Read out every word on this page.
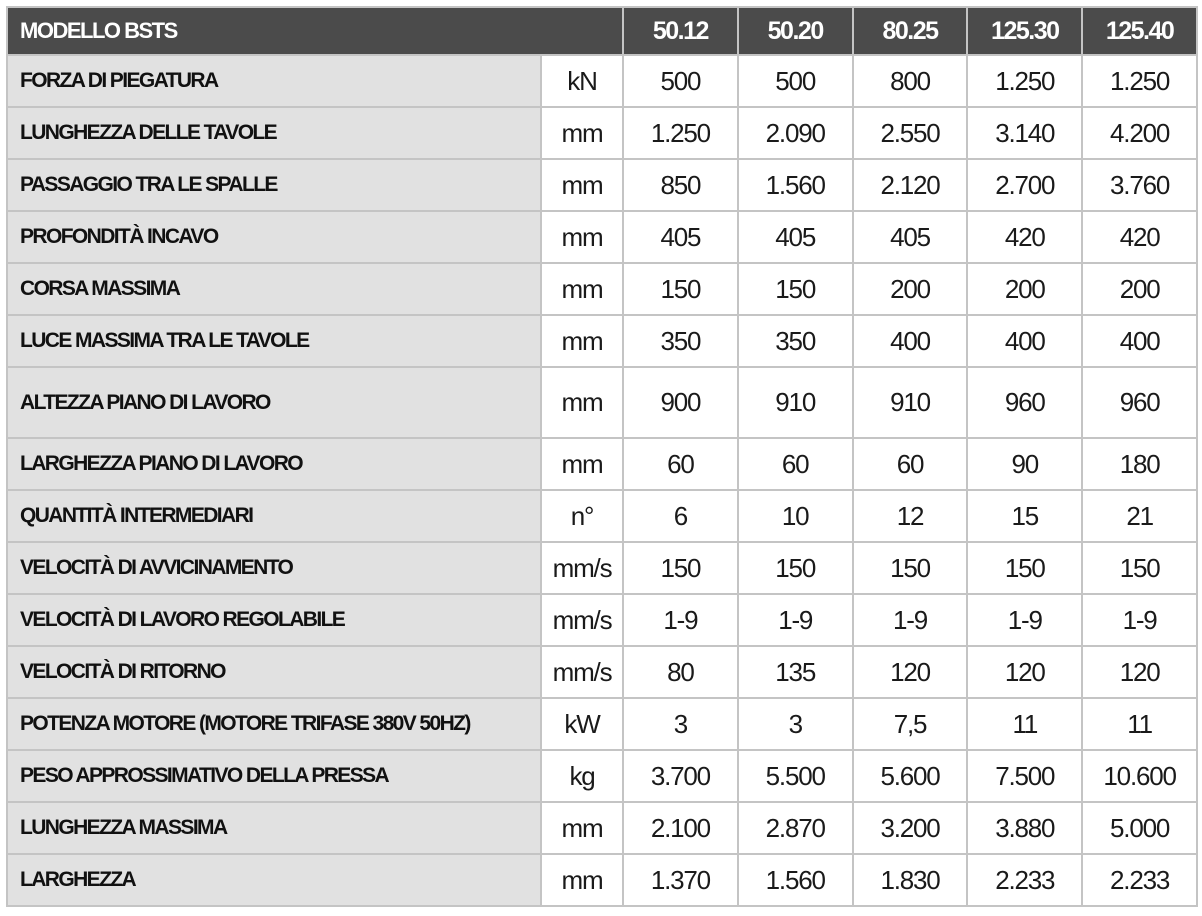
MODELLO BSTS		50.12	50.20	80.25	125.30	125.40
FORZA DI PIEGATURA	kN	500	500	800	1.250	1.250
LUNGHEZZA DELLE TAVOLE	mm	1.250	2.090	2.550	3.140	4.200
PASSAGGIO TRA LE SPALLE	mm	850	1.560	2.120	2.700	3.760
PROFONDITÀ INCAVO	mm	405	405	405	420	420
CORSA MASSIMA	mm	150	150	200	200	200
LUCE MASSIMA TRA LE TAVOLE	mm	350	350	400	400	400
ALTEZZA PIANO DI LAVORO	mm	900	910	910	960	960
LARGHEZZA PIANO DI LAVORO	mm	60	60	60	90	180
QUANTITÀ INTERMEDIARI	n°	6	10	12	15	21
VELOCITÀ DI AVVICINAMENTO	mm/s	150	150	150	150	150
VELOCITÀ DI LAVORO REGOLABILE	mm/s	1-9	1-9	1-9	1-9	1-9
VELOCITÀ DI RITORNO	mm/s	80	135	120	120	120
POTENZA MOTORE (MOTORE TRIFASE 380V 50HZ)	kW	3	3	7,5	11	11
PESO APPROSSIMATIVO DELLA PRESSA	kg	3.700	5.500	5.600	7.500	10.600
LUNGHEZZA MASSIMA	mm	2.100	2.870	3.200	3.880	5.000
LARGHEZZA	mm	1.370	1.560	1.830	2.233	2.233
